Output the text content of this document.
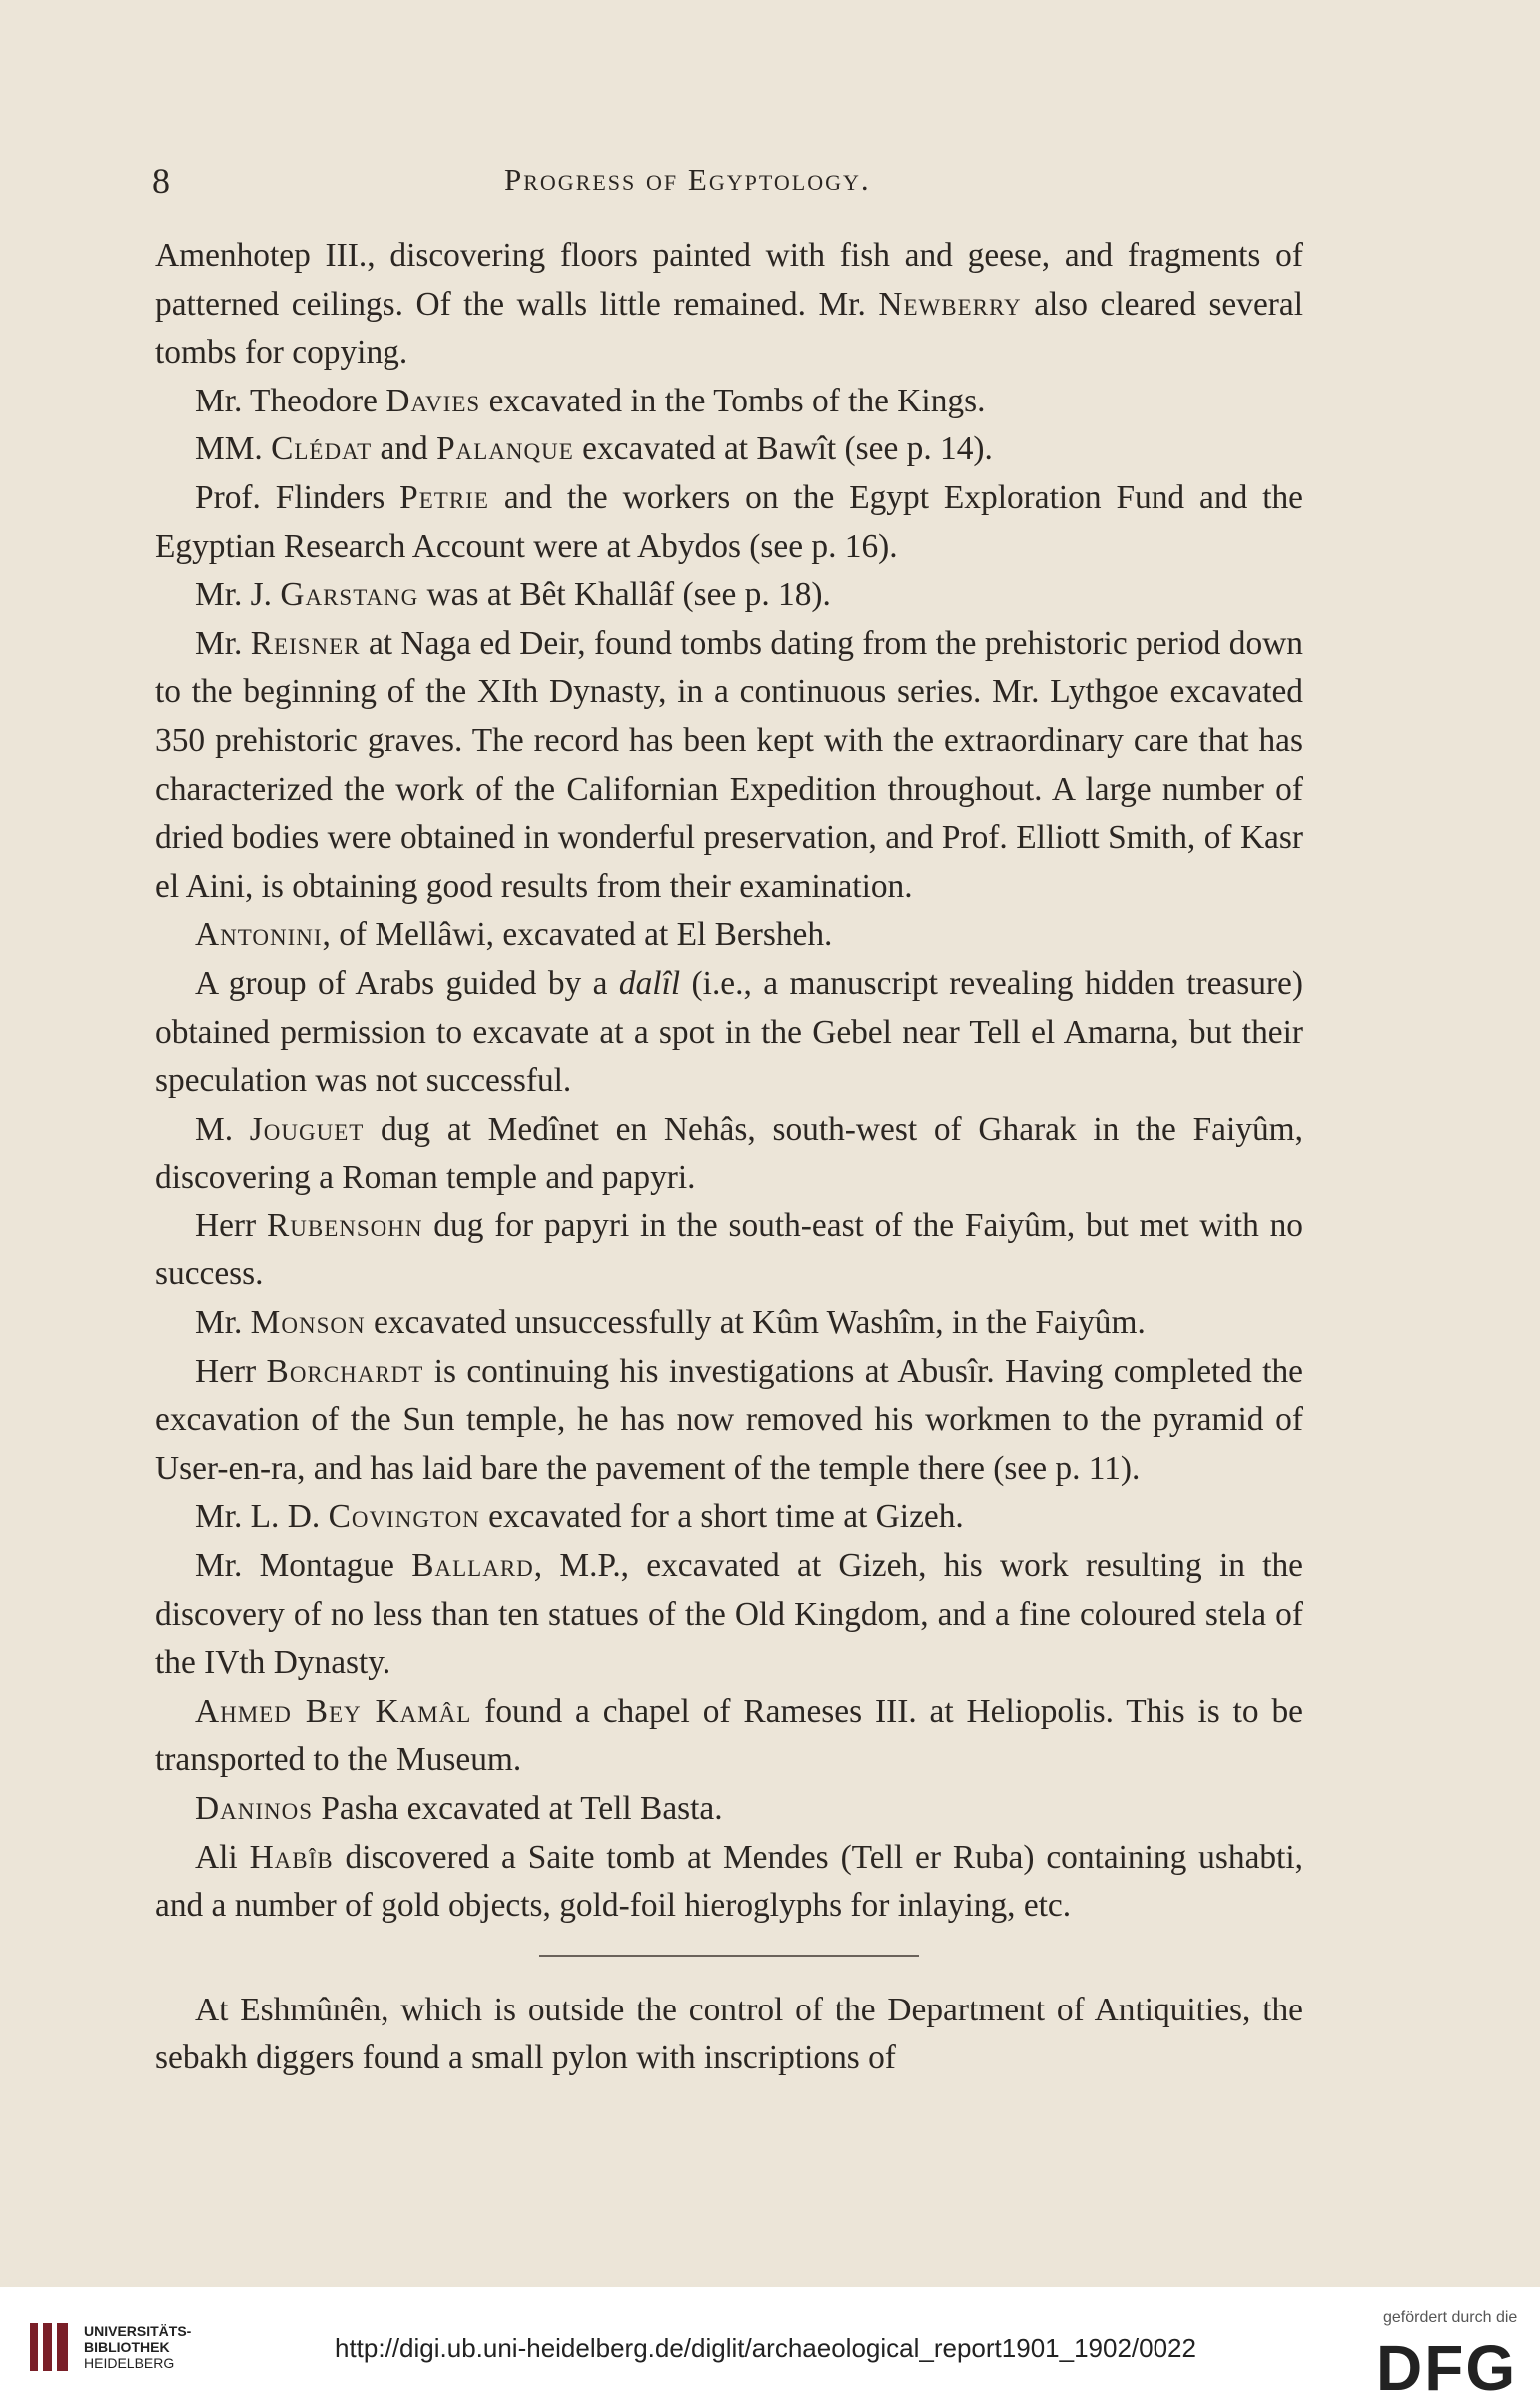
8	Progress of Egyptology.

Amenhotep III., discovering floors painted with fish and geese, and fragments of patterned ceilings. Of the walls little remained. Mr. Newberry also cleared several tombs for copying.

Mr. Theodore Davies excavated in the Tombs of the Kings.

MM. Clédat and Palanque excavated at Bawît (see p. 14).

Prof. Flinders Petrie and the workers on the Egypt Exploration Fund and the Egyptian Research Account were at Abydos (see p. 16).

Mr. J. Garstang was at Bêt Khallâf (see p. 18).

Mr. Reisner at Naga ed Deir, found tombs dating from the prehistoric period down to the beginning of the XIth Dynasty, in a continuous series. Mr. Lythgoe excavated 350 prehistoric graves. The record has been kept with the extraordinary care that has characterized the work of the Californian Expedition throughout. A large number of dried bodies were obtained in wonderful preservation, and Prof. Elliott Smith, of Kasr el Aini, is obtaining good results from their examination.

Antonini, of Mellâwi, excavated at El Bersheh.

A group of Arabs guided by a dalîl (i.e., a manuscript revealing hidden treasure) obtained permission to excavate at a spot in the Gebel near Tell el Amarna, but their speculation was not successful.

M. Jouguet dug at Medînet en Nehâs, south-west of Gharak in the Faiyûm, discovering a Roman temple and papyri.

Herr Rubensohn dug for papyri in the south-east of the Faiyûm, but met with no success.

Mr. Monson excavated unsuccessfully at Kûm Washîm, in the Faiyûm.

Herr Borchardt is continuing his investigations at Abusîr. Having completed the excavation of the Sun temple, he has now removed his workmen to the pyramid of User-en-ra, and has laid bare the pavement of the temple there (see p. 11).

Mr. L. D. Covington excavated for a short time at Gizeh.

Mr. Montague Ballard, M.P., excavated at Gizeh, his work resulting in the discovery of no less than ten statues of the Old Kingdom, and a fine coloured stela of the IVth Dynasty.

Ahmed Bey Kamâl found a chapel of Rameses III. at Heliopolis. This is to be transported to the Museum.

Daninos Pasha excavated at Tell Basta.

Ali Habîb discovered a Saite tomb at Mendes (Tell er Ruba) containing ushabti, and a number of gold objects, gold-foil hieroglyphs for inlaying, etc.

At Eshmûnên, which is outside the control of the Department of Antiquities, the sebakh diggers found a small pylon with inscriptions of

UNIVERSITÄTS-
BIBLIOTHEK
HEIDELBERG	http://digi.ub.uni-heidelberg.de/diglit/archaeological_report1901_1902/0022
gefördert durch die
DFG
